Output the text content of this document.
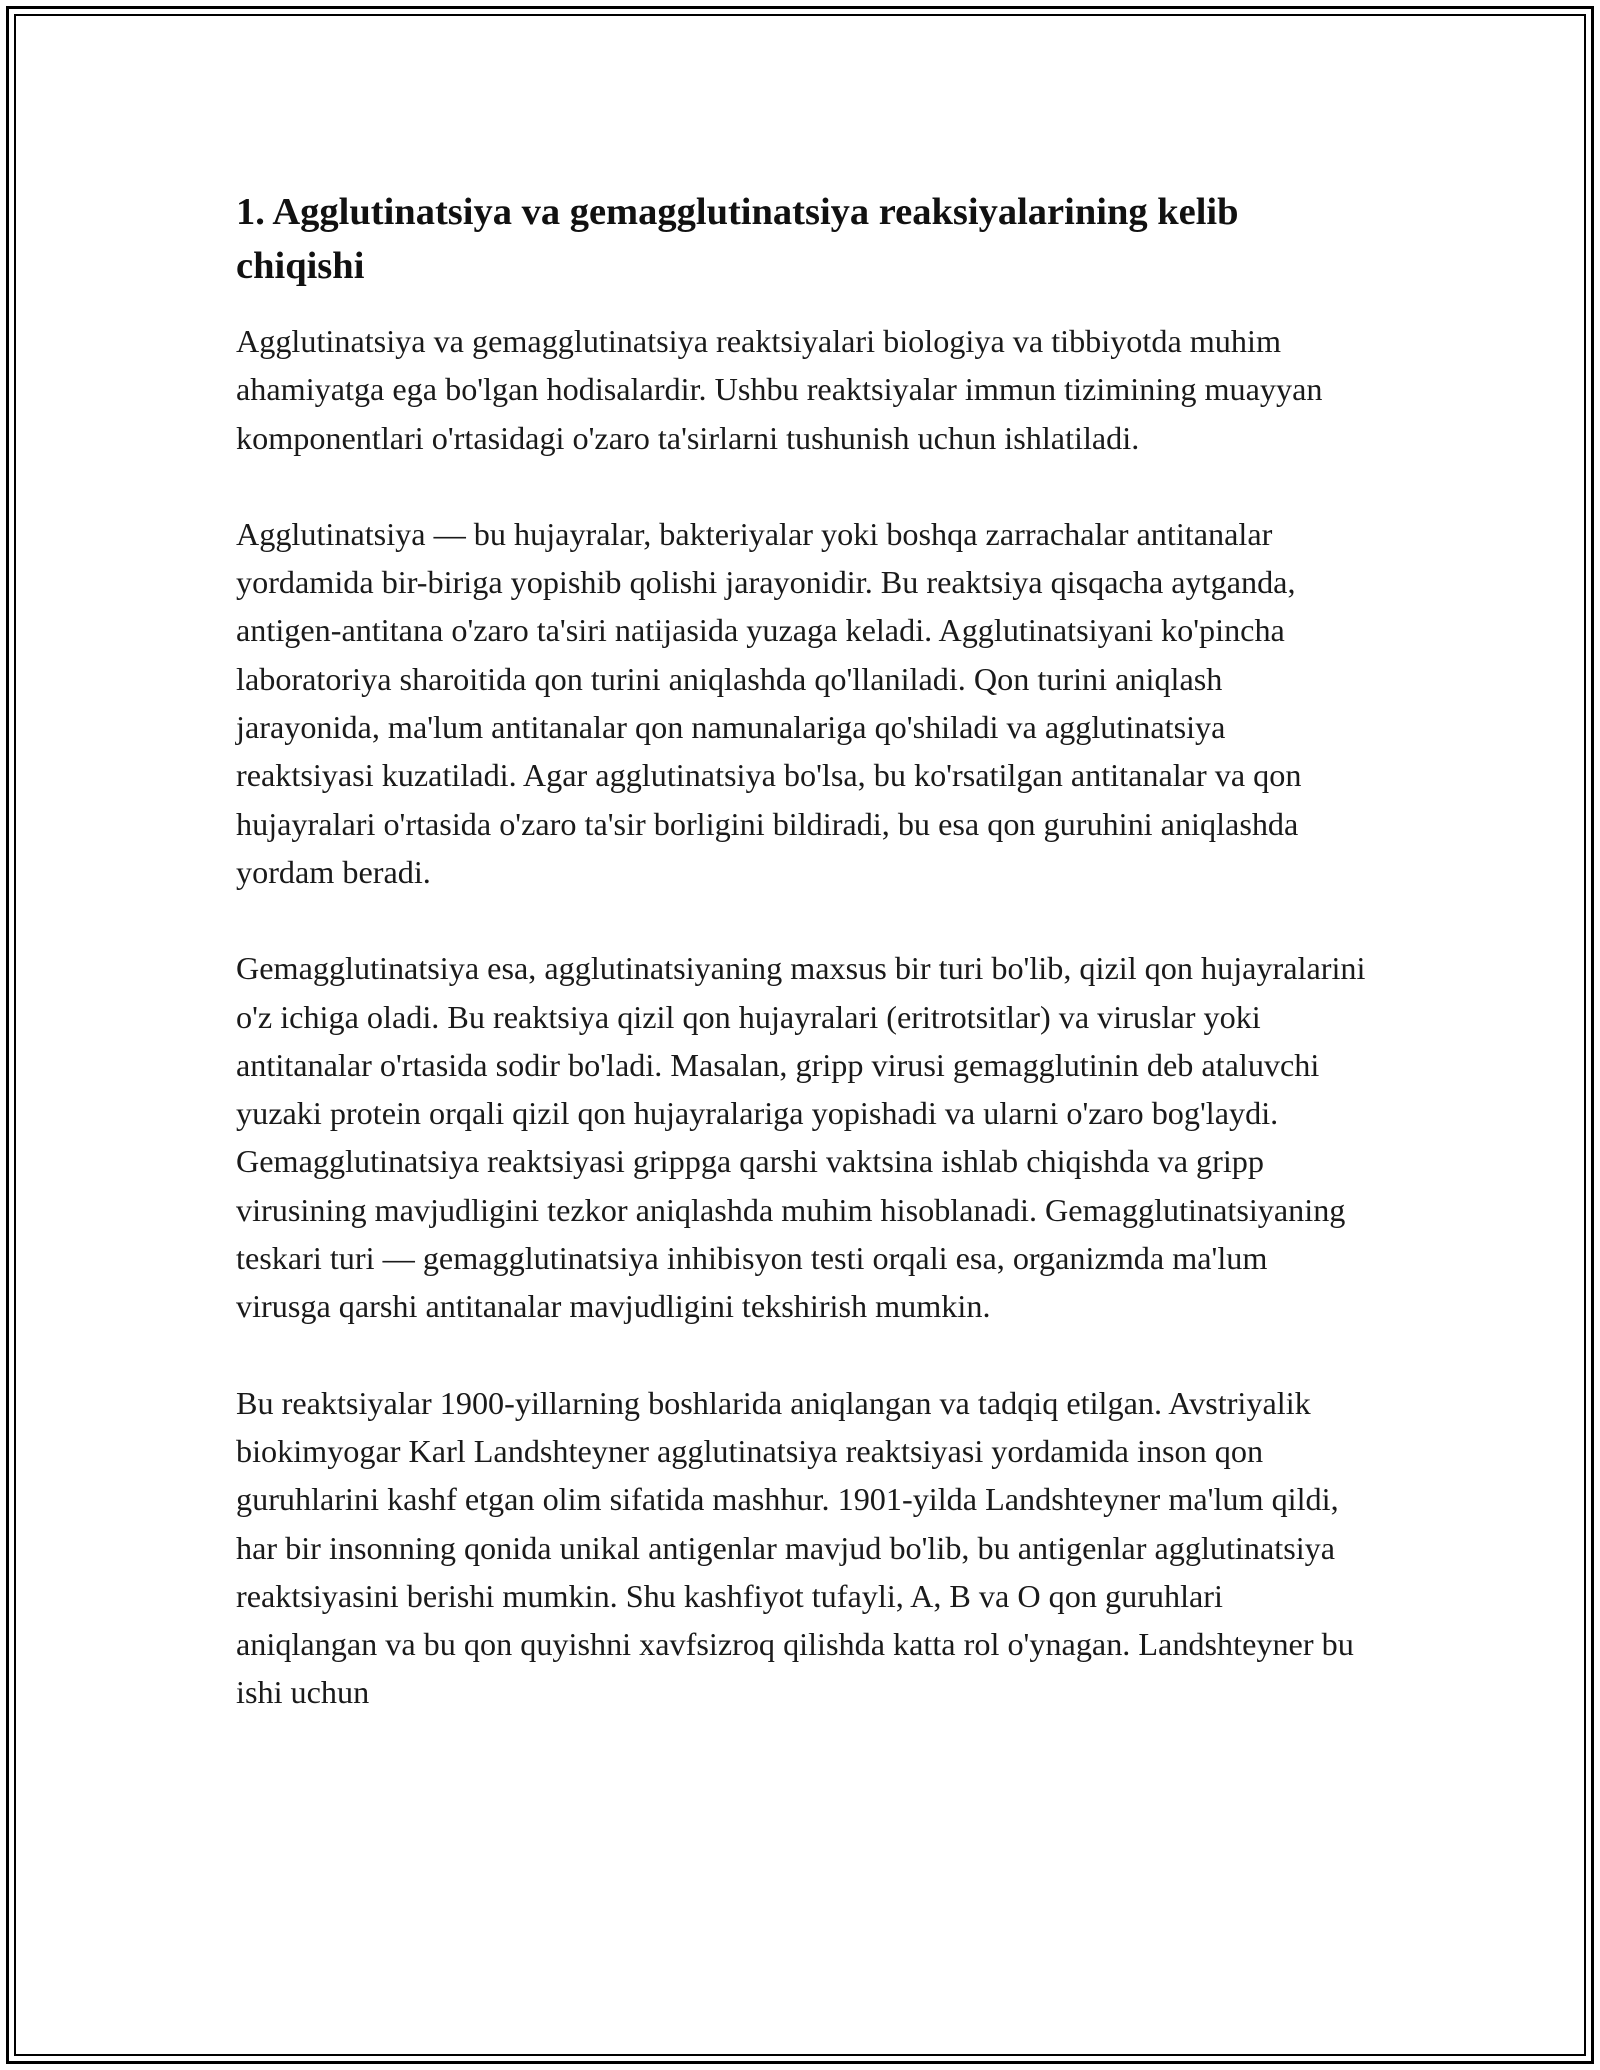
1. Agglutinatsiya va gemagglutinatsiya reaksiyalarining kelib chiqishi

Agglutinatsiya va gemagglutinatsiya reaktsiyalari biologiya va tibbiyotda muhim ahamiyatga ega bo'lgan hodisalardir. Ushbu reaktsiyalar immun tizimining muayyan komponentlari o'rtasidagi o'zaro ta'sirlarni tushunish uchun ishlatiladi.

Agglutinatsiya — bu hujayralar, bakteriyalar yoki boshqa zarrachalar antitanalar yordamida bir-biriga yopishib qolishi jarayonidir. Bu reaktsiya qisqacha aytganda, antigen-antitana o'zaro ta'siri natijasida yuzaga keladi. Agglutinatsiyani ko'pincha laboratoriya sharoitida qon turini aniqlashda qo'llaniladi. Qon turini aniqlash jarayonida, ma'lum antitanalar qon namunalariga qo'shiladi va agglutinatsiya reaktsiyasi kuzatiladi. Agar agglutinatsiya bo'lsa, bu ko'rsatilgan antitanalar va qon hujayralari o'rtasida o'zaro ta'sir borligini bildiradi, bu esa qon guruhini aniqlashda yordam beradi.

Gemagglutinatsiya esa, agglutinatsiyaning maxsus bir turi bo'lib, qizil qon hujayralarini o'z ichiga oladi. Bu reaktsiya qizil qon hujayralari (eritrotsitlar) va viruslar yoki antitanalar o'rtasida sodir bo'ladi. Masalan, gripp virusi gemagglutinin deb ataluvchi yuzaki protein orqali qizil qon hujayralariga yopishadi va ularni o'zaro bog'laydi. Gemagglutinatsiya reaktsiyasi grippga qarshi vaktsina ishlab chiqishda va gripp virusining mavjudligini tezkor aniqlashda muhim hisoblanadi. Gemagglutinatsiyaning teskari turi — gemagglutinatsiya inhibisyon testi orqali esa, organizmda ma'lum virusga qarshi antitanalar mavjudligini tekshirish mumkin.

Bu reaktsiyalar 1900-yillarning boshlarida aniqlangan va tadqiq etilgan. Avstriyalik biokimyogar Karl Landshteyner agglutinatsiya reaktsiyasi yordamida inson qon guruhlarini kashf etgan olim sifatida mashhur. 1901-yilda Landshteyner ma'lum qildi, har bir insonning qonida unikal antigenlar mavjud bo'lib, bu antigenlar agglutinatsiya reaktsiyasini berishi mumkin. Shu kashfiyot tufayli, A, B va O qon guruhlari aniqlangan va bu qon quyishni xavfsizroq qilishda katta rol o'ynagan. Landshteyner bu ishi uchun
